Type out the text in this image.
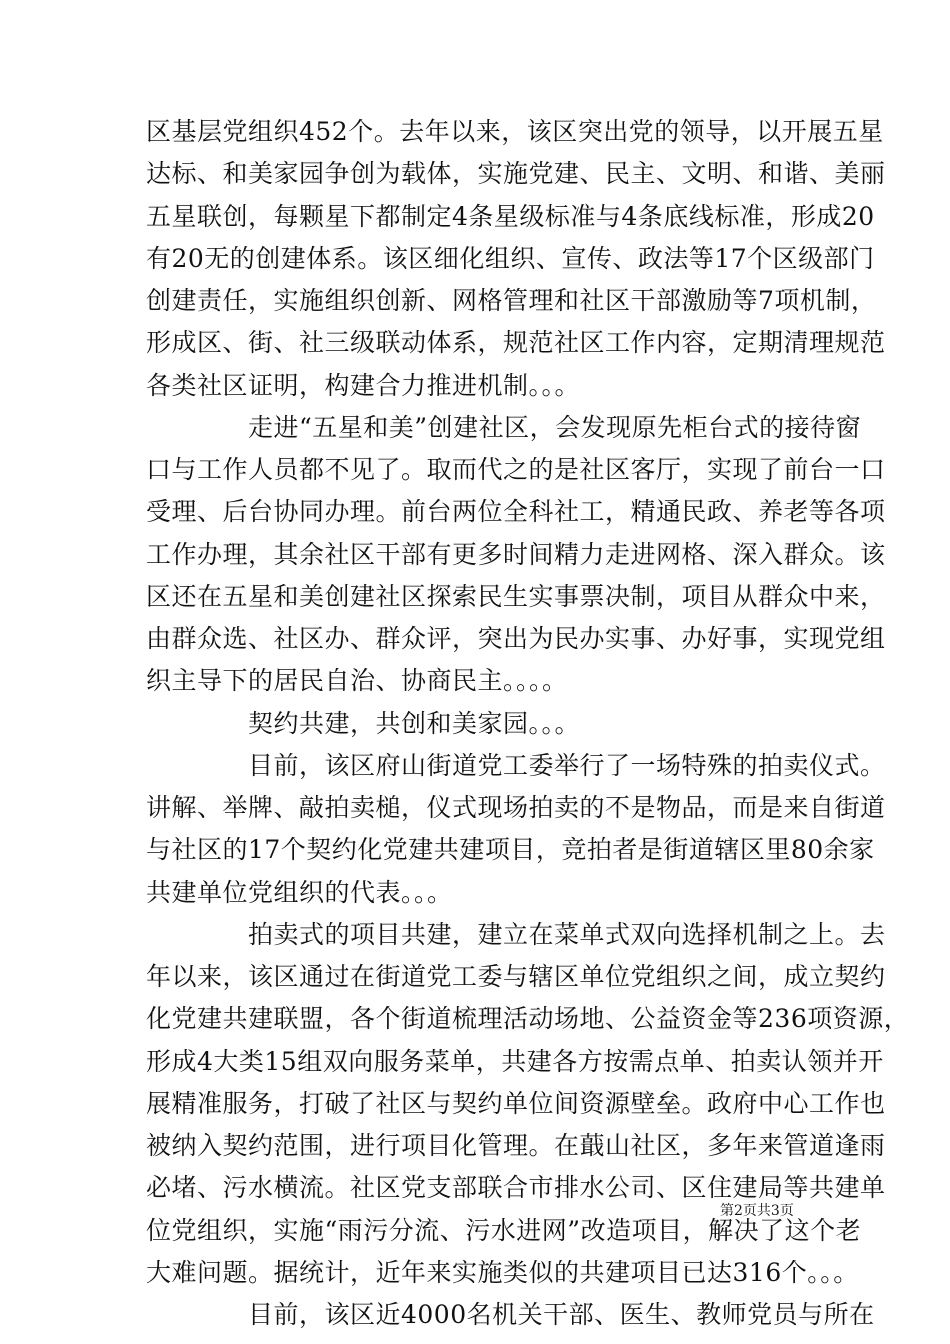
区基层党组织452个。去年以来，该区突出党的领导，以开展五星
达标、和美家园争创为载体，实施党建、民主、文明、和谐、美丽
五星联创，每颗星下都制定4条星级标准与4条底线标准，形成20
有20无的创建体系。该区细化组织、宣传、政法等17个区级部门
创建责任，实施组织创新、网格管理和社区干部激励等7项机制，
形成区、街、社三级联动体系，规范社区工作内容，定期清理规范
各类社区证明，构建合力推进机制。。。
　　　　走进“五星和美”创建社区，会发现原先柜台式的接待窗
口与工作人员都不见了。取而代之的是社区客厅，实现了前台一口
受理、后台协同办理。前台两位全科社工，精通民政、养老等各项
工作办理，其余社区干部有更多时间精力走进网格、深入群众。该
区还在五星和美创建社区探索民生实事票决制，项目从群众中来，
由群众选、社区办、群众评，突出为民办实事、办好事，实现党组
织主导下的居民自治、协商民主。。。。
　　　　契约共建，共创和美家园。。。
　　　　目前，该区府山街道党工委举行了一场特殊的拍卖仪式。
讲解、举牌、敲拍卖槌，仪式现场拍卖的不是物品，而是来自街道
与社区的17个契约化党建共建项目，竞拍者是街道辖区里80余家
共建单位党组织的代表。。。
　　　　拍卖式的项目共建，建立在菜单式双向选择机制之上。去
年以来，该区通过在街道党工委与辖区单位党组织之间，成立契约
化党建共建联盟，各个街道梳理活动场地、公益资金等236项资源，
形成4大类15组双向服务菜单，共建各方按需点单、拍卖认领并开
展精准服务，打破了社区与契约单位间资源壁垒。政府中心工作也
被纳入契约范围，进行项目化管理。在蕺山社区，多年来管道逢雨
必堵、污水横流。社区党支部联合市排水公司、区住建局等共建单
位党组织，实施“雨污分流、污水进网”改造项目，解决了这个老
大难问题。据统计，近年来实施类似的共建项目已达316个。。。
　　　　目前，该区近4000名机关干部、医生、教师党员与所在
第2页共3页
